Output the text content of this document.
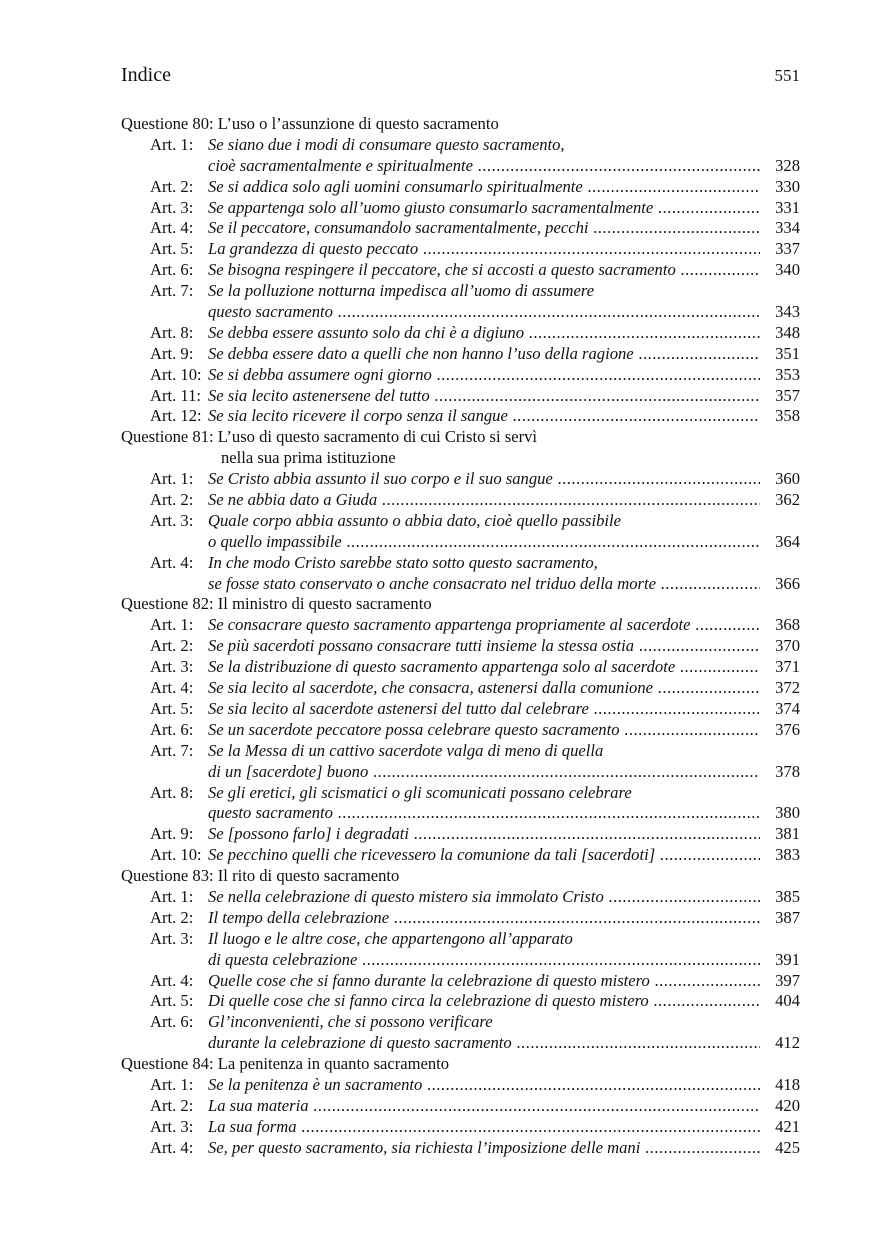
Indice	551
Questione 80: L’uso o l’assunzione di questo sacramento
Art. 1: Se siano due i modi di consumare questo sacramento,
cioè sacramentalmente e spiritualmente .....	328
Art. 2: Se si addica solo agli uomini consumarlo spiritualmente .....	330
Art. 3: Se appartenga solo all’uomo giusto consumarlo sacramentalmente .....	331
Art. 4: Se il peccatore, consumandolo sacramentalmente, pecchi .....	334
Art. 5: La grandezza di questo peccato .....	337
Art. 6: Se bisogna respingere il peccatore, che si accosti a questo sacramento .....	340
Art. 7: Se la polluzione notturna impedisca all’uomo di assumere
questo sacramento .....	343
Art. 8: Se debba essere assunto solo da chi è a digiuno .....	348
Art. 9: Se debba essere dato a quelli che non hanno l’uso della ragione .....	351
Art. 10: Se si debba assumere ogni giorno .....	353
Art. 11: Se sia lecito astenersene del tutto .....	357
Art. 12: Se sia lecito ricevere il corpo senza il sangue .....	358
Questione 81: L’uso di questo sacramento di cui Cristo si servì
nella sua prima istituzione
Art. 1: Se Cristo abbia assunto il suo corpo e il suo sangue .....	360
Art. 2: Se ne abbia dato a Giuda .....	362
Art. 3: Quale corpo abbia assunto o abbia dato, cioè quello passibile
o quello impassibile .....	364
Art. 4: In che modo Cristo sarebbe stato sotto questo sacramento,
se fosse stato conservato o anche consacrato nel triduo della morte .....	366
Questione 82: Il ministro di questo sacramento
Art. 1: Se consacrare questo sacramento appartenga propriamente al sacerdote .....	368
Art. 2: Se più sacerdoti possano consacrare tutti insieme la stessa ostia .....	370
Art. 3: Se la distribuzione di questo sacramento appartenga solo al sacerdote .....	371
Art. 4: Se sia lecito al sacerdote, che consacra, astenersi dalla comunione .....	372
Art. 5: Se sia lecito al sacerdote astenersi del tutto dal celebrare .....	374
Art. 6: Se un sacerdote peccatore possa celebrare questo sacramento .....	376
Art. 7: Se la Messa di un cattivo sacerdote valga di meno di quella
di un [sacerdote] buono .....	378
Art. 8: Se gli eretici, gli scismatici o gli scomunicati possano celebrare
questo sacramento .....	380
Art. 9: Se [possono farlo] i degradati .....	381
Art. 10: Se pecchino quelli che ricevessero la comunione da tali [sacerdoti] .....	383
Questione 83: Il rito di questo sacramento
Art. 1: Se nella celebrazione di questo mistero sia immolato Cristo .....	385
Art. 2: Il tempo della celebrazione .....	387
Art. 3: Il luogo e le altre cose, che appartengono all’apparato
di questa celebrazione .....	391
Art. 4: Quelle cose che si fanno durante la celebrazione di questo mistero .....	397
Art. 5: Di quelle cose che si fanno circa la celebrazione di questo mistero .....	404
Art. 6: Gl’inconvenienti, che si possono verificare
durante la celebrazione di questo sacramento .....	412
Questione 84: La penitenza in quanto sacramento
Art. 1: Se la penitenza è un sacramento .....	418
Art. 2: La sua materia .....	420
Art. 3: La sua forma .....	421
Art. 4: Se, per questo sacramento, sia richiesta l’imposizione delle mani .....	425
